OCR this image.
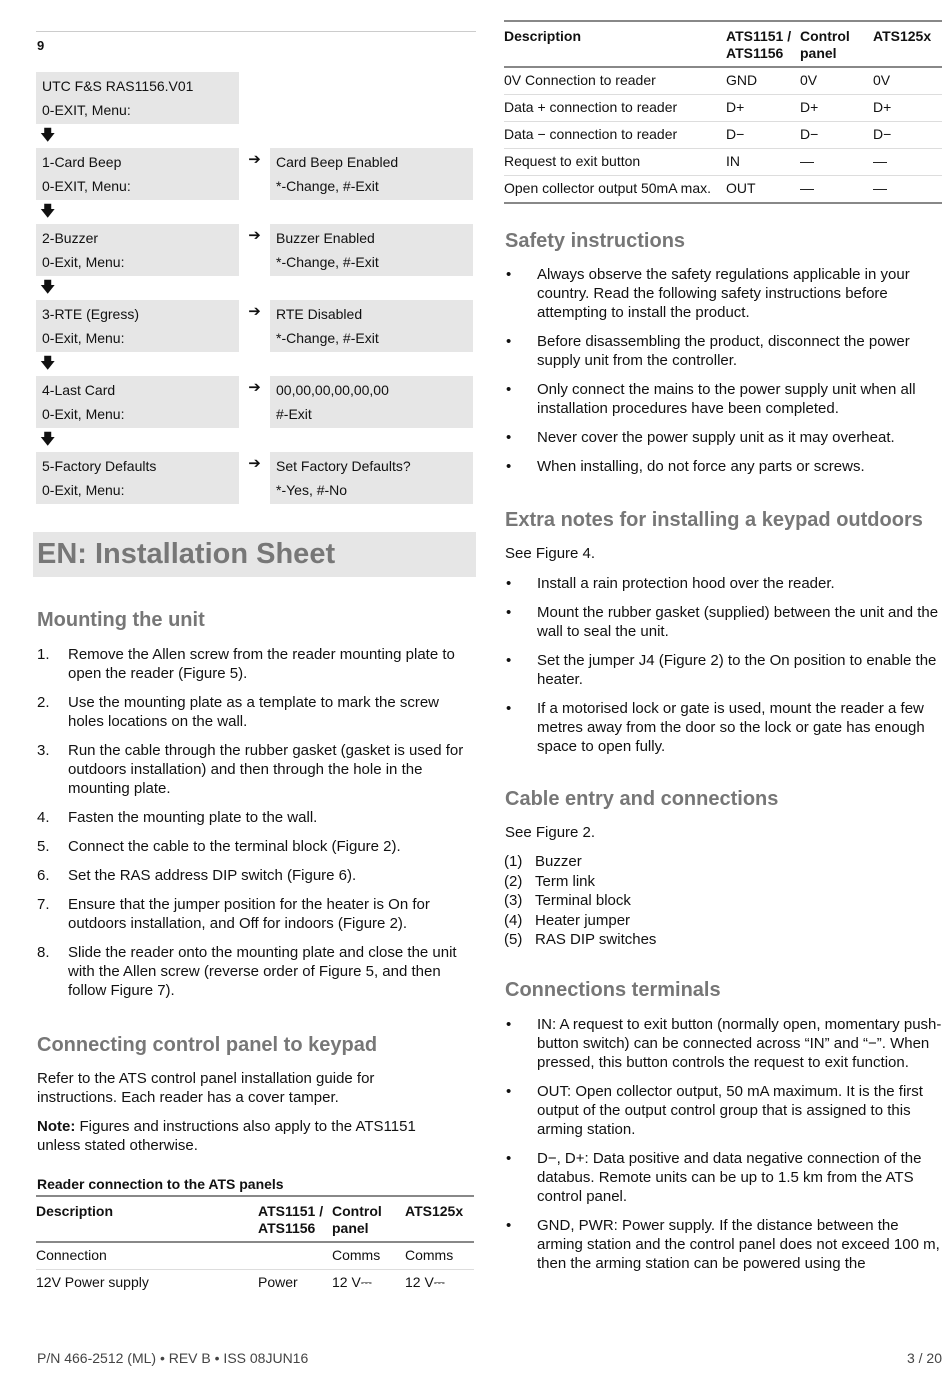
9
UTC F&S RAS1156.V01
0-EXIT, Menu:
🡇
1-Card Beep
0-EXIT, Menu:
➔	Card Beep Enabled
*-Change, #-Exit
🡇
2-Buzzer
0-Exit, Menu:
➔	Buzzer Enabled
*-Change, #-Exit
🡇
3-RTE (Egress)
0-Exit, Menu:
➔	RTE Disabled
*-Change, #-Exit
🡇
4-Last Card
0-Exit, Menu:
➔	00,00,00,00,00,00
#-Exit
🡇
5-Factory Defaults
0-Exit, Menu:
➔	Set Factory Defaults?
*-Yes, #-No
EN: Installation Sheet
Mounting the unit
1.	Remove the Allen screw from the reader mounting plate to open the reader (Figure 5).
2.	Use the mounting plate as a template to mark the screw holes locations on the wall.
3.	Run the cable through the rubber gasket (gasket is used for outdoors installation) and then through the hole in the mounting plate.
4.	Fasten the mounting plate to the wall.
5.	Connect the cable to the terminal block (Figure 2).
6.	Set the RAS address DIP switch (Figure 6).
7.	Ensure that the jumper position for the heater is On for outdoors installation, and Off for indoors (Figure 2).
8.	Slide the reader onto the mounting plate and close the unit with the Allen screw (reverse order of Figure 5, and then follow Figure 7).
Connecting control panel to keypad
Refer to the ATS control panel installation guide for instructions. Each reader has a cover tamper.
Note: Figures and instructions also apply to the ATS1151 unless stated otherwise.
Reader connection to the ATS panels
Description	ATS1151 / ATS1156	Control panel	ATS125x
Connection		Comms	Comms
12V Power supply	Power	12 V⎓	12 V⎓
Description	ATS1151 / ATS1156	Control panel	ATS125x
0V Connection to reader	GND	0V	0V
Data + connection to reader	D+	D+	D+
Data − connection to reader	D−	D−	D−
Request to exit button	IN	—	—
Open collector output 50mA max.	OUT	—	—
Safety instructions
•	Always observe the safety regulations applicable in your country. Read the following safety instructions before attempting to install the product.
•	Before disassembling the product, disconnect the power supply unit from the controller.
•	Only connect the mains to the power supply unit when all installation procedures have been completed.
•	Never cover the power supply unit as it may overheat.
•	When installing, do not force any parts or screws.
Extra notes for installing a keypad outdoors
See Figure 4.
•	Install a rain protection hood over the reader.
•	Mount the rubber gasket (supplied) between the unit and the wall to seal the unit.
•	Set the jumper J4 (Figure 2) to the On position to enable the heater.
•	If a motorised lock or gate is used, mount the reader a few metres away from the door so the lock or gate has enough space to open fully.
Cable entry and connections
See Figure 2.
(1) Buzzer
(2) Term link
(3) Terminal block
(4) Heater jumper
(5) RAS DIP switches
Connections terminals
•	IN: A request to exit button (normally open, momentary push-button switch) can be connected across “IN” and “−”. When pressed, this button controls the request to exit function.
•	OUT: Open collector output, 50 mA maximum. It is the first output of the output control group that is assigned to this arming station.
•	D−, D+: Data positive and data negative connection of the databus. Remote units can be up to 1.5 km from the ATS control panel.
•	GND, PWR: Power supply. If the distance between the arming station and the control panel does not exceed 100 m, then the arming station can be powered using the
P/N 466-2512 (ML) • REV B • ISS 08JUN16	3 / 20
